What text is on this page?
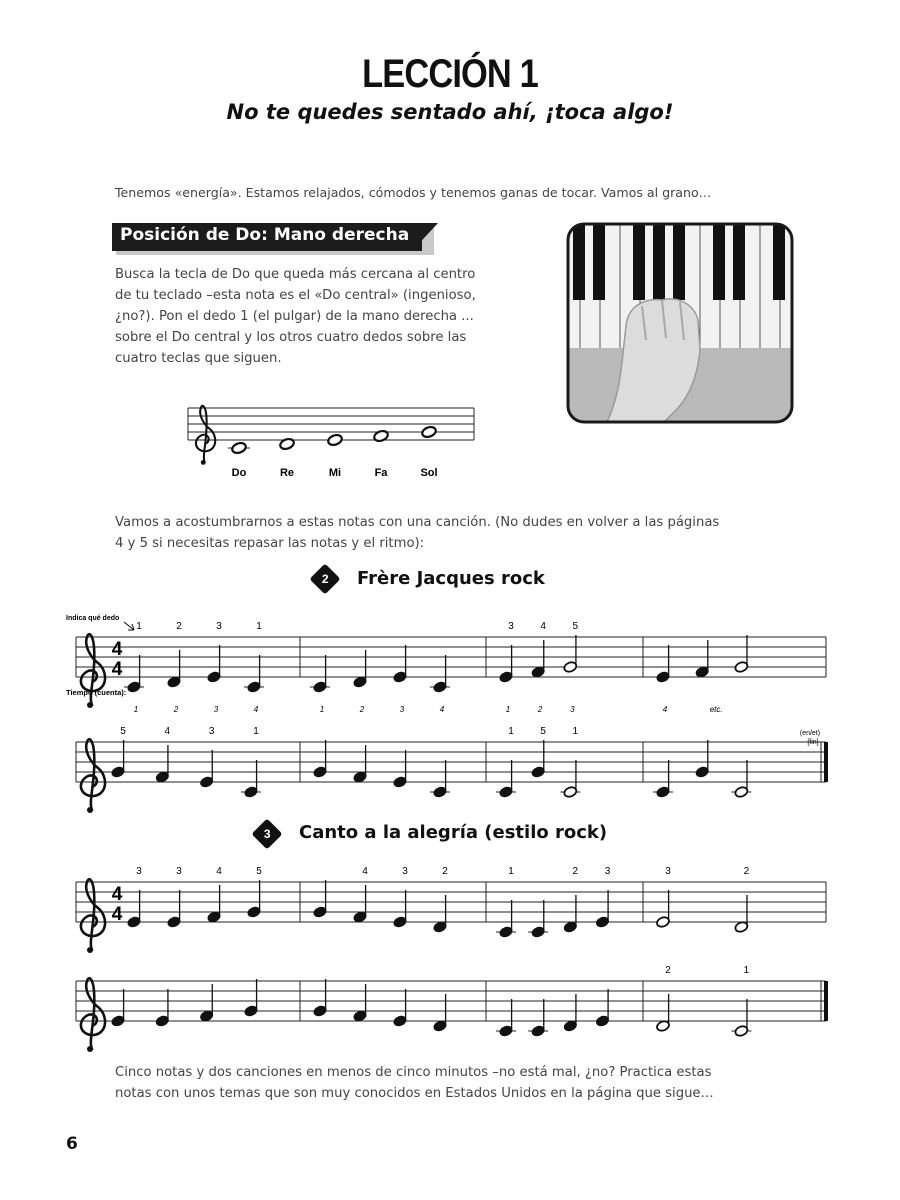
LECCIÓN 1
No te quedes sentado ahí, ¡toca algo!
Tenemos «energía». Estamos relajados, cómodos y tenemos ganas de tocar. Vamos al grano…
Posición de Do: Mano derecha
Busca la tecla de Do que queda más cercana al centro
de tu teclado –esta nota es el «Do central» (ingenioso,
¿no?). Pon el dedo 1 (el pulgar) de la mano derecha ...
sobre el Do central y los otros cuatro dedos sobre las
cuatro teclas que siguen.
Do	Re	Mi	Fa	Sol
Vamos a acostumbrarnos a estas notas con una canción. (No dudes en volver a las páginas
4 y 5 si necesitas repasar las notas y el ritmo):
2 Frère Jacques rock
3 Canto a la alegría (estilo rock)
4
4
1	2	3	1	3	4	5
5	4	3	1	1	5	1
4
4
3	3	4	5	4	3	2	1	2	3	3	2
2	1
Indica qué dedo
Tiempo (cuenta):
(en/et)
[fin]
1	2	3	4	1	2	3	4	1	2	3	4	etc.
Cinco notas y dos canciones en menos de cinco minutos –no está mal, ¿no? Practica estas
notas con unos temas que son muy conocidos en Estados Unidos en la página que sigue…
6
